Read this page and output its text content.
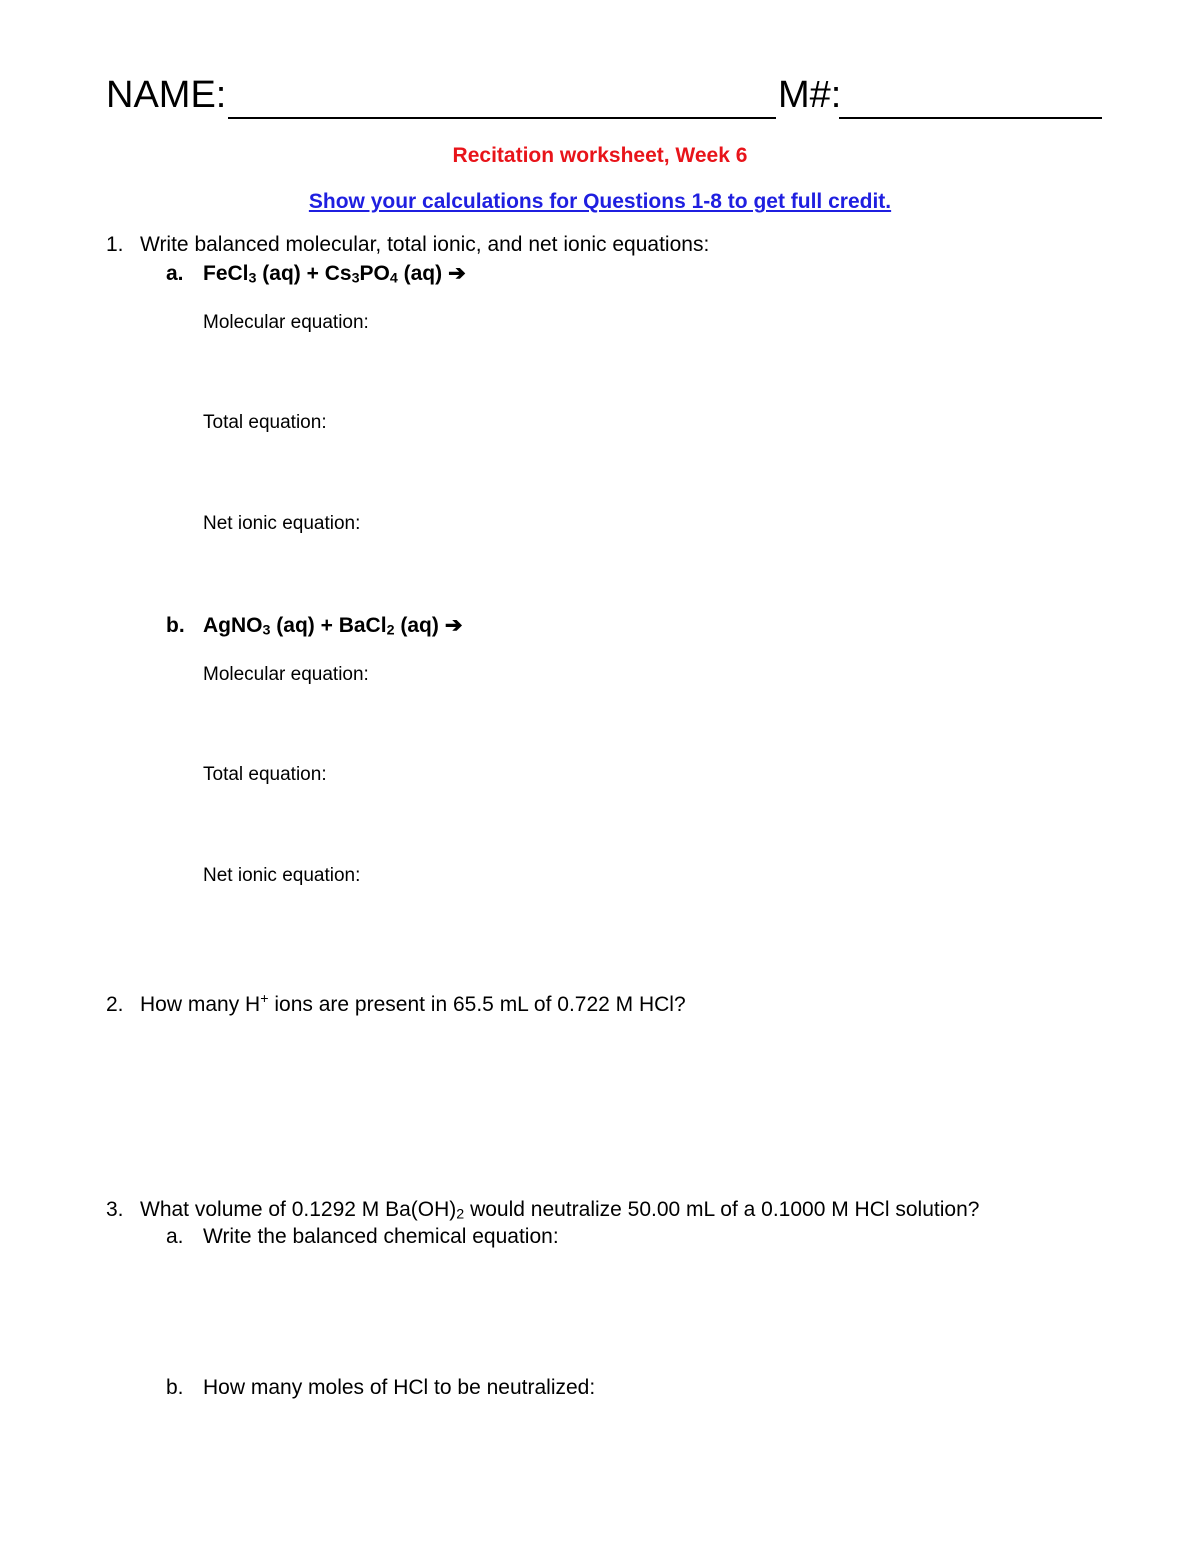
NAME:	M#:
Recitation worksheet, Week 6
Show your calculations for Questions 1-8 to get full credit.
1. Write balanced molecular, total ionic, and net ionic equations:
a. FeCl$_3$ $(aq) + Cs_3PO_4$ (aq) ➔
Molecular equation:
Total equation:
Net ionic equation:
b. AgNO$_3$ (aq) + BaCl$_2$ (aq) ➔
Molecular equation:
Total equation:
Net ionic equation:
2. How many H+ ions are present in 65.5 mL of 0.722 M HCl?
3. What volume of 0.1292 M $Ba(OH)_2$ would neutralize 50.00 mL of a 0.1000 M HCl solution?
a. Write the balanced chemical equation:
b. How many moles of HCl to be neutralized:
